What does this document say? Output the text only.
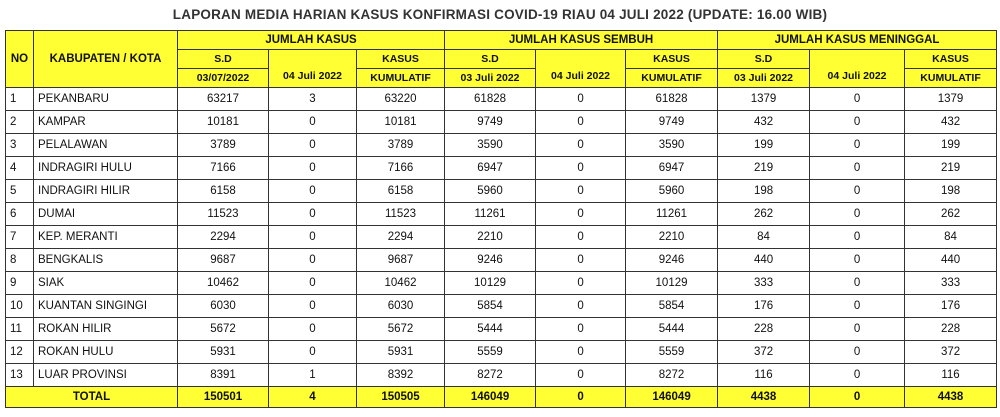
LAPORAN MEDIA HARIAN KASUS KONFIRMASI COVID-19 RIAU 04 JULI 2022 (UPDATE: 16.00 WIB)
NO	KABUPATEN / KOTA	JUMLAH KASUS			JUMLAH KASUS SEMBUH			JUMLAH KASUS MENINGGAL		
		S.D	04 Juli 2022	KASUS	S.D	04 Juli 2022	KASUS	S.D	04 Juli 2022	KASUS
		03/07/2022		KUMULATIF	03 Juli 2022		KUMULATIF	03 Juli 2022		KUMULATIF
1	PEKANBARU	63217	3	63220	61828	0	61828	1379	0	1379
2	KAMPAR	10181	0	10181	9749	0	9749	432	0	432
3	PELALAWAN	3789	0	3789	3590	0	3590	199	0	199
4	INDRAGIRI HULU	7166	0	7166	6947	0	6947	219	0	219
5	INDRAGIRI HILIR	6158	0	6158	5960	0	5960	198	0	198
6	DUMAI	11523	0	11523	11261	0	11261	262	0	262
7	KEP. MERANTI	2294	0	2294	2210	0	2210	84	0	84
8	BENGKALIS	9687	0	9687	9246	0	9246	440	0	440
9	SIAK	10462	0	10462	10129	0	10129	333	0	333
10	KUANTAN SINGINGI	6030	0	6030	5854	0	5854	176	0	176
11	ROKAN HILIR	5672	0	5672	5444	0	5444	228	0	228
12	ROKAN HULU	5931	0	5931	5559	0	5559	372	0	372
13	LUAR PROVINSI	8391	1	8392	8272	0	8272	116	0	116
TOTAL		150501	4	150505	146049	0	146049	4438	0	4438
